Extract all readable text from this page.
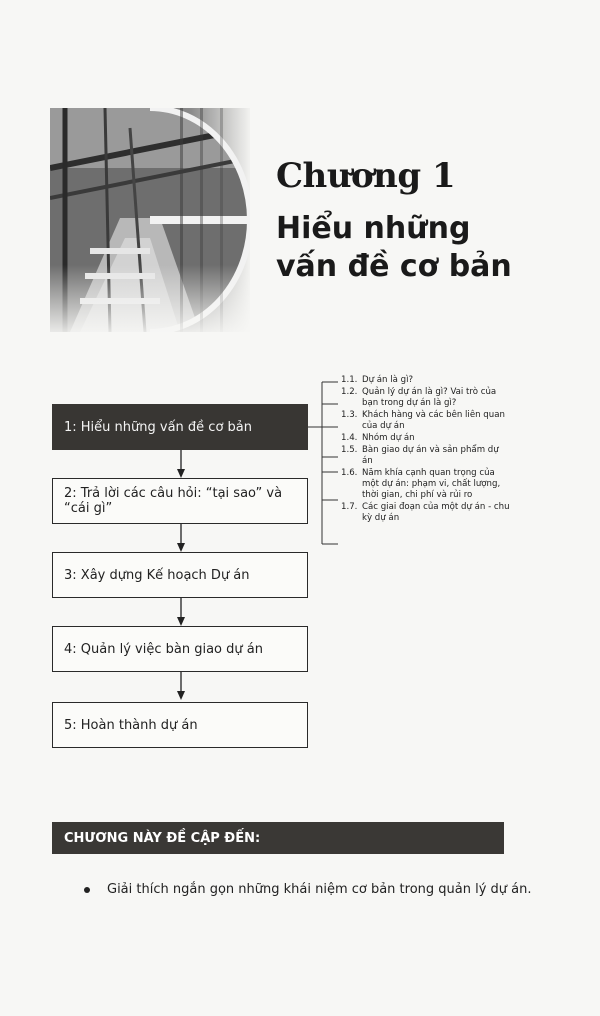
Chương 1
Hiểu những
vấn đề cơ bản
1: Hiểu những vấn đề cơ bản
2: Trả lời các câu hỏi: “tại sao” và “cái gì”
3: Xây dựng Kế hoạch Dự án
4: Quản lý việc bàn giao dự án
5: Hoàn thành dự án
1.1. Dự án là gì?
1.2. Quản lý dự án là gì? Vai trò của bạn trong dự án là gì?
1.3. Khách hàng và các bên liên quan của dự án
1.4. Nhóm dự án
1.5. Bàn giao dự án và sản phẩm dự án
1.6. Năm khía cạnh quan trọng của một dự án: phạm vi, chất lượng, thời gian, chi phí và rủi ro
1.7. Các giai đoạn của một dự án - chu kỳ dự án
CHƯƠNG NÀY ĐỀ CẬP ĐẾN:
Giải thích ngắn gọn những khái niệm cơ bản trong quản lý dự án.
